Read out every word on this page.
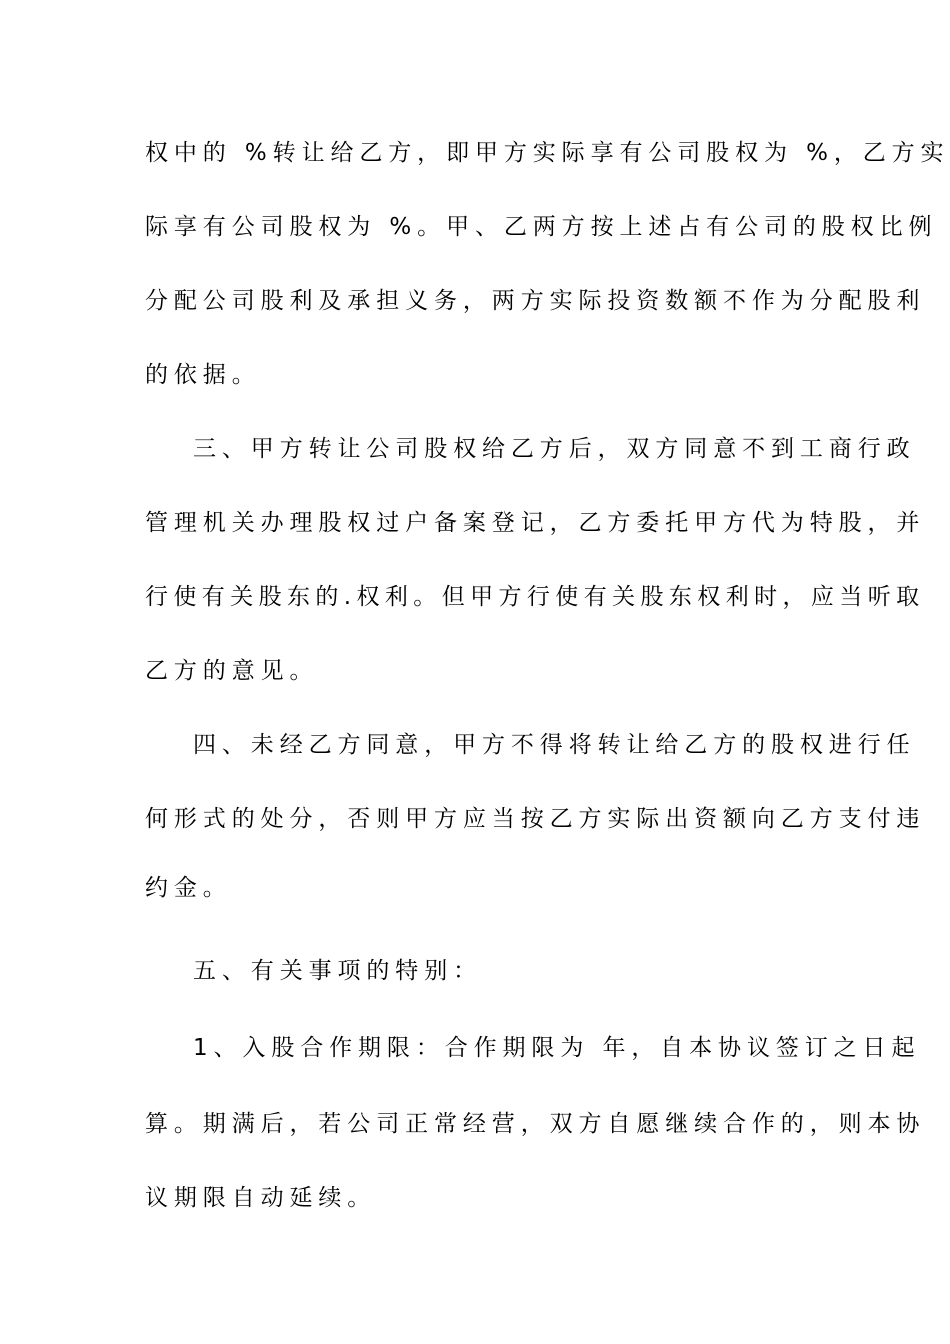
权中的 %转让给乙方，即甲方实际享有公司股权为 %，乙方实
际享有公司股权为 %。甲、乙两方按上述占有公司的股权比例
分配公司股利及承担义务，两方实际投资数额不作为分配股利
的依据。
三、甲方转让公司股权给乙方后，双方同意不到工商行政
管理机关办理股权过户备案登记，乙方委托甲方代为特股，并
行使有关股东的.权利。但甲方行使有关股东权利时，应当听取
乙方的意见。
四、未经乙方同意，甲方不得将转让给乙方的股权进行任
何形式的处分，否则甲方应当按乙方实际出资额向乙方支付违
约金。
五、有关事项的特别：
1、入股合作期限：合作期限为 年，自本协议签订之日起
算。期满后，若公司正常经营，双方自愿继续合作的，则本协
议期限自动延续。
